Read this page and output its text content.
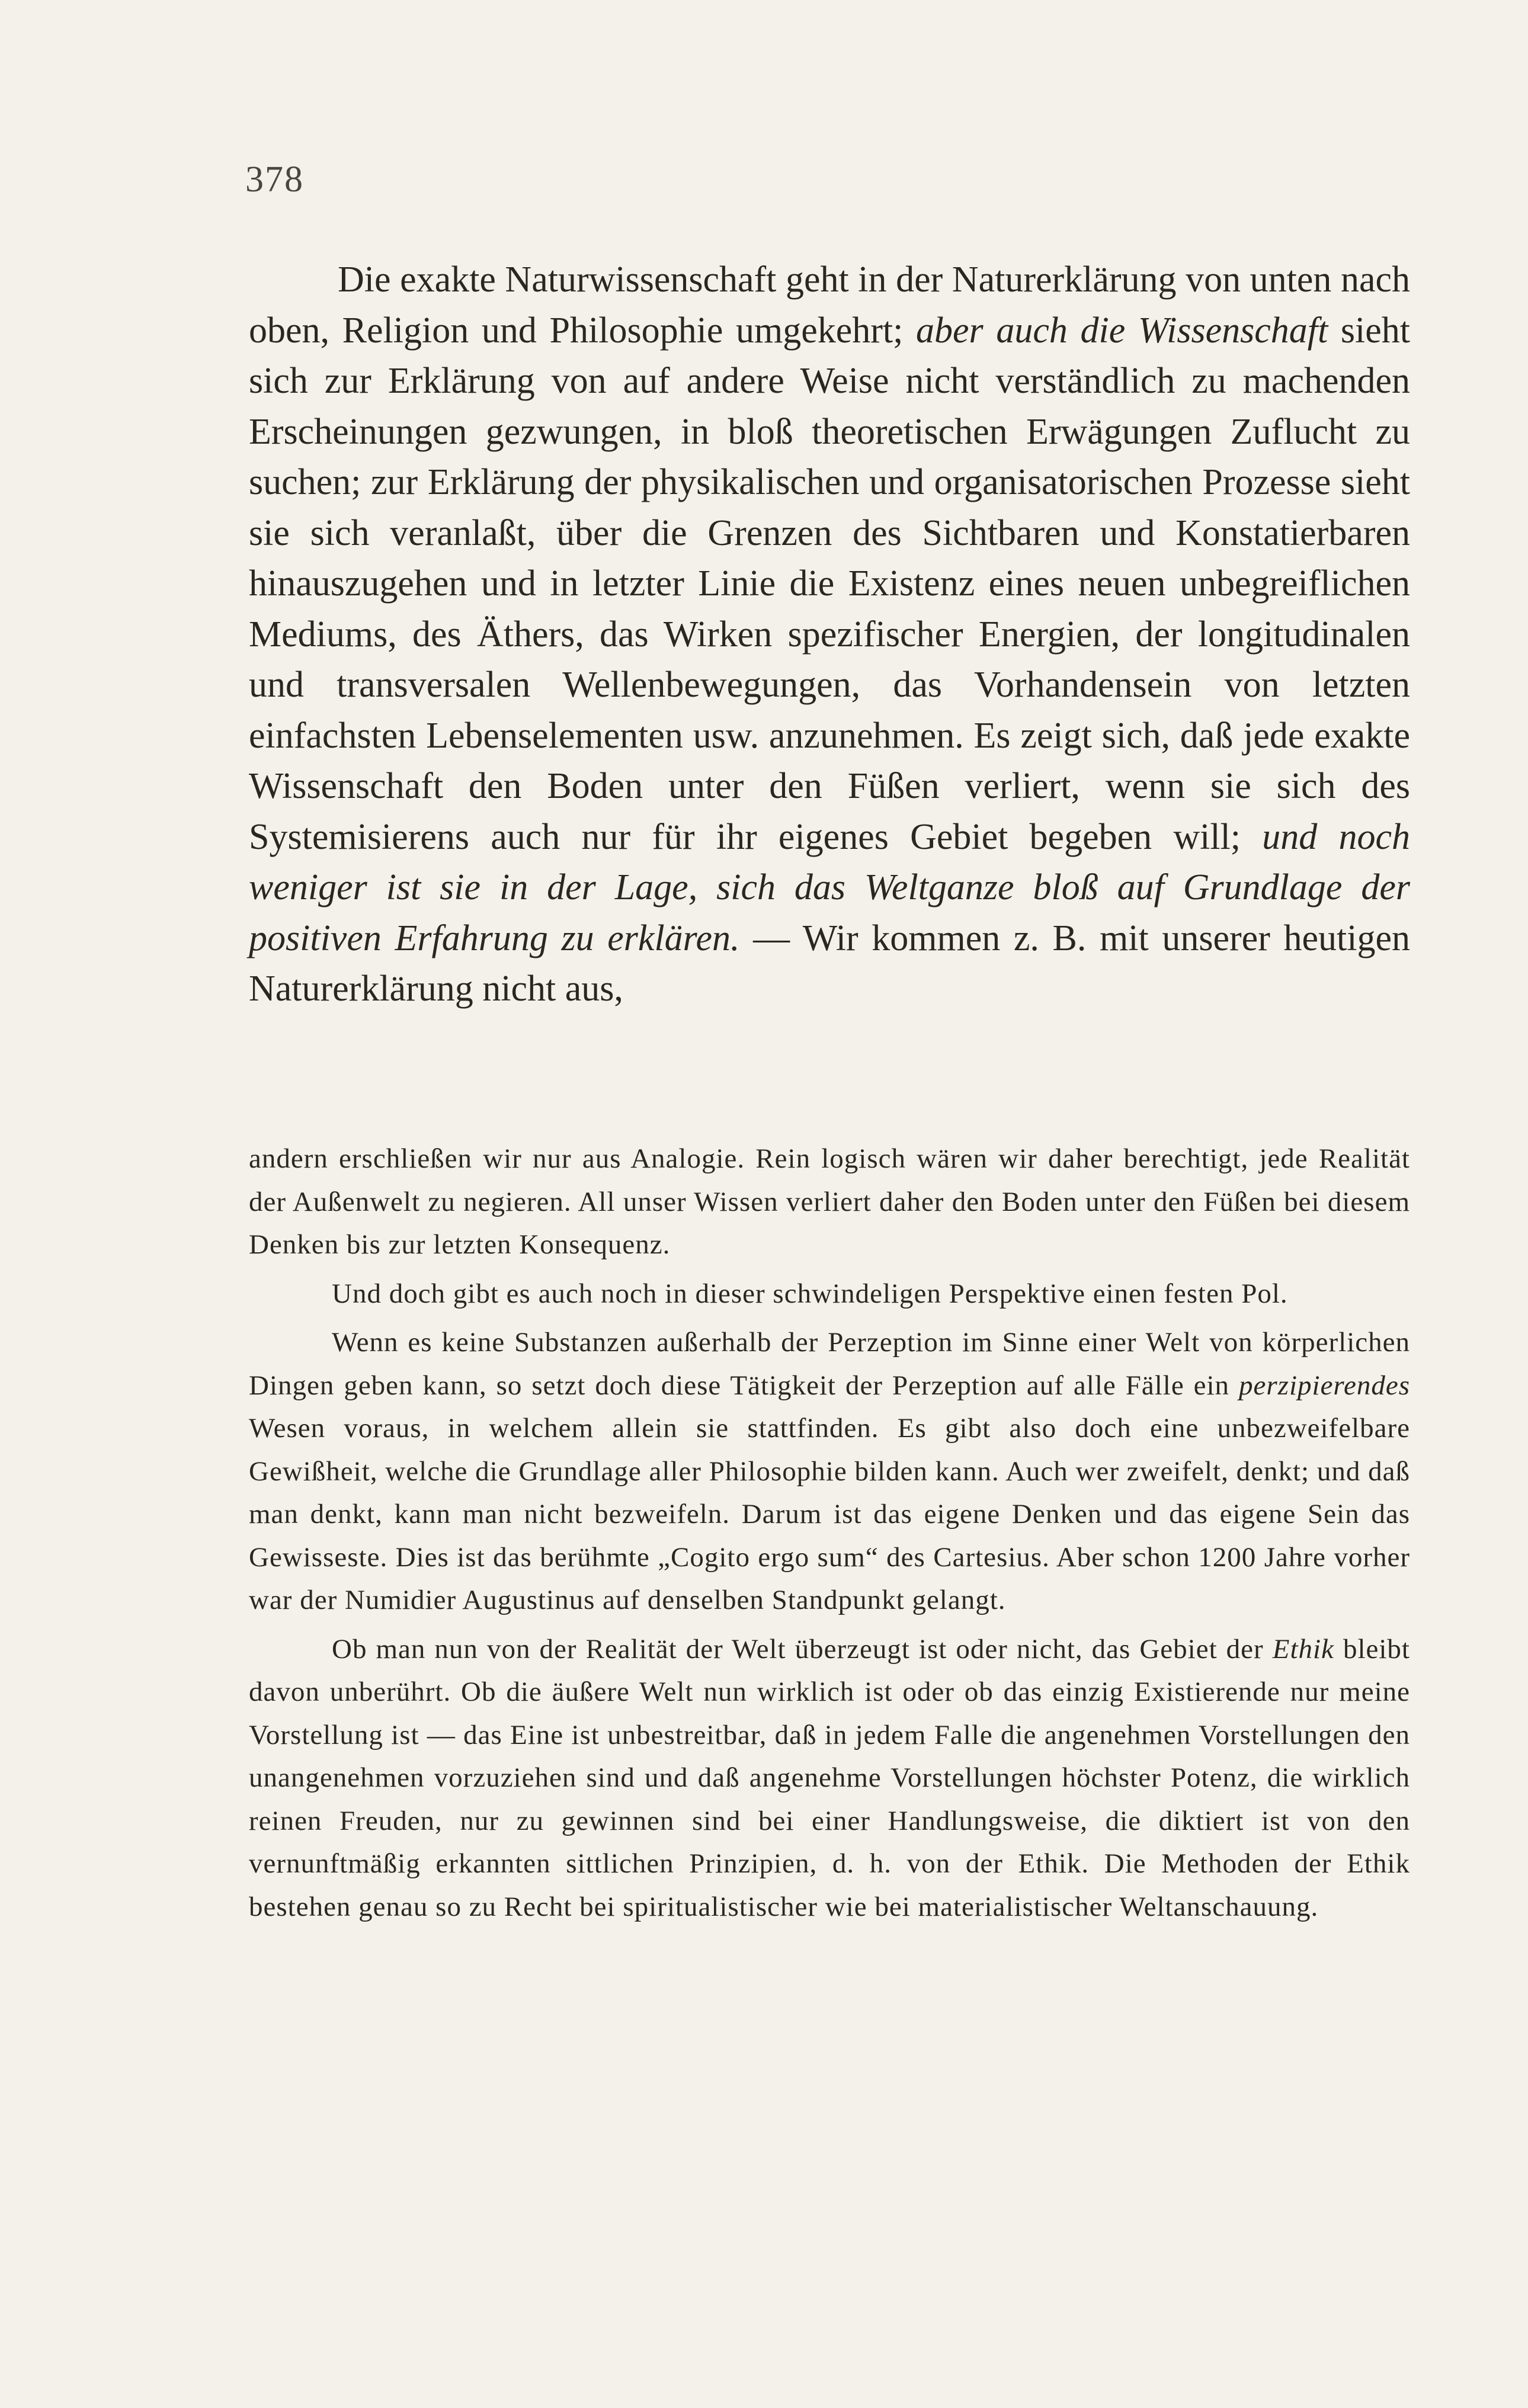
378

Die exakte Naturwissenschaft geht in der Naturerklärung von unten nach oben, Religion und Philosophie umgekehrt; aber auch die Wissenschaft sieht sich zur Erklärung von auf andere Weise nicht verständlich zu machenden Erscheinungen gezwungen, in bloß theoretischen Erwägungen Zuflucht zu suchen; zur Erklärung der physikalischen und organisatorischen Prozesse sieht sie sich veranlaßt, über die Grenzen des Sichtbaren und Konstatierbaren hinauszugehen und in letzter Linie die Existenz eines neuen unbegreiflichen Mediums, des Äthers, das Wirken spezifischer Energien, der longitudinalen und transversalen Wellenbewegungen, das Vorhandensein von letzten einfachsten Lebenselementen usw. anzunehmen. Es zeigt sich, daß jede exakte Wissenschaft den Boden unter den Füßen verliert, wenn sie sich des Systemisierens auch nur für ihr eigenes Gebiet begeben will; und noch weniger ist sie in der Lage, sich das Weltganze bloß auf Grundlage der positiven Erfahrung zu erklären. — Wir kommen z. B. mit unserer heutigen Naturerklärung nicht aus,

andern erschließen wir nur aus Analogie. Rein logisch wären wir daher berechtigt, jede Realität der Außenwelt zu negieren. All unser Wissen verliert daher den Boden unter den Füßen bei diesem Denken bis zur letzten Konsequenz.

Und doch gibt es auch noch in dieser schwindeligen Perspektive einen festen Pol.

Wenn es keine Substanzen außerhalb der Perzeption im Sinne einer Welt von körperlichen Dingen geben kann, so setzt doch diese Tätigkeit der Perzeption auf alle Fälle ein perzipierendes Wesen voraus, in welchem allein sie stattfinden. Es gibt also doch eine unbezweifelbare Gewißheit, welche die Grundlage aller Philosophie bilden kann. Auch wer zweifelt, denkt; und daß man denkt, kann man nicht bezweifeln. Darum ist das eigene Denken und das eigene Sein das Gewisseste. Dies ist das berühmte „Cogito ergo sum“ des Cartesius. Aber schon 1200 Jahre vorher war der Numidier Augustinus auf denselben Standpunkt gelangt.

Ob man nun von der Realität der Welt überzeugt ist oder nicht, das Gebiet der Ethik bleibt davon unberührt. Ob die äußere Welt nun wirklich ist oder ob das einzig Existierende nur meine Vorstellung ist — das Eine ist unbestreitbar, daß in jedem Falle die angenehmen Vorstellungen den unangenehmen vorzuziehen sind und daß angenehme Vorstellungen höchster Potenz, die wirklich reinen Freuden, nur zu gewinnen sind bei einer Handlungsweise, die diktiert ist von den vernunftmäßig erkannten sittlichen Prinzipien, d. h. von der Ethik. Die Methoden der Ethik bestehen genau so zu Recht bei spiritualistischer wie bei materialistischer Weltanschauung.
